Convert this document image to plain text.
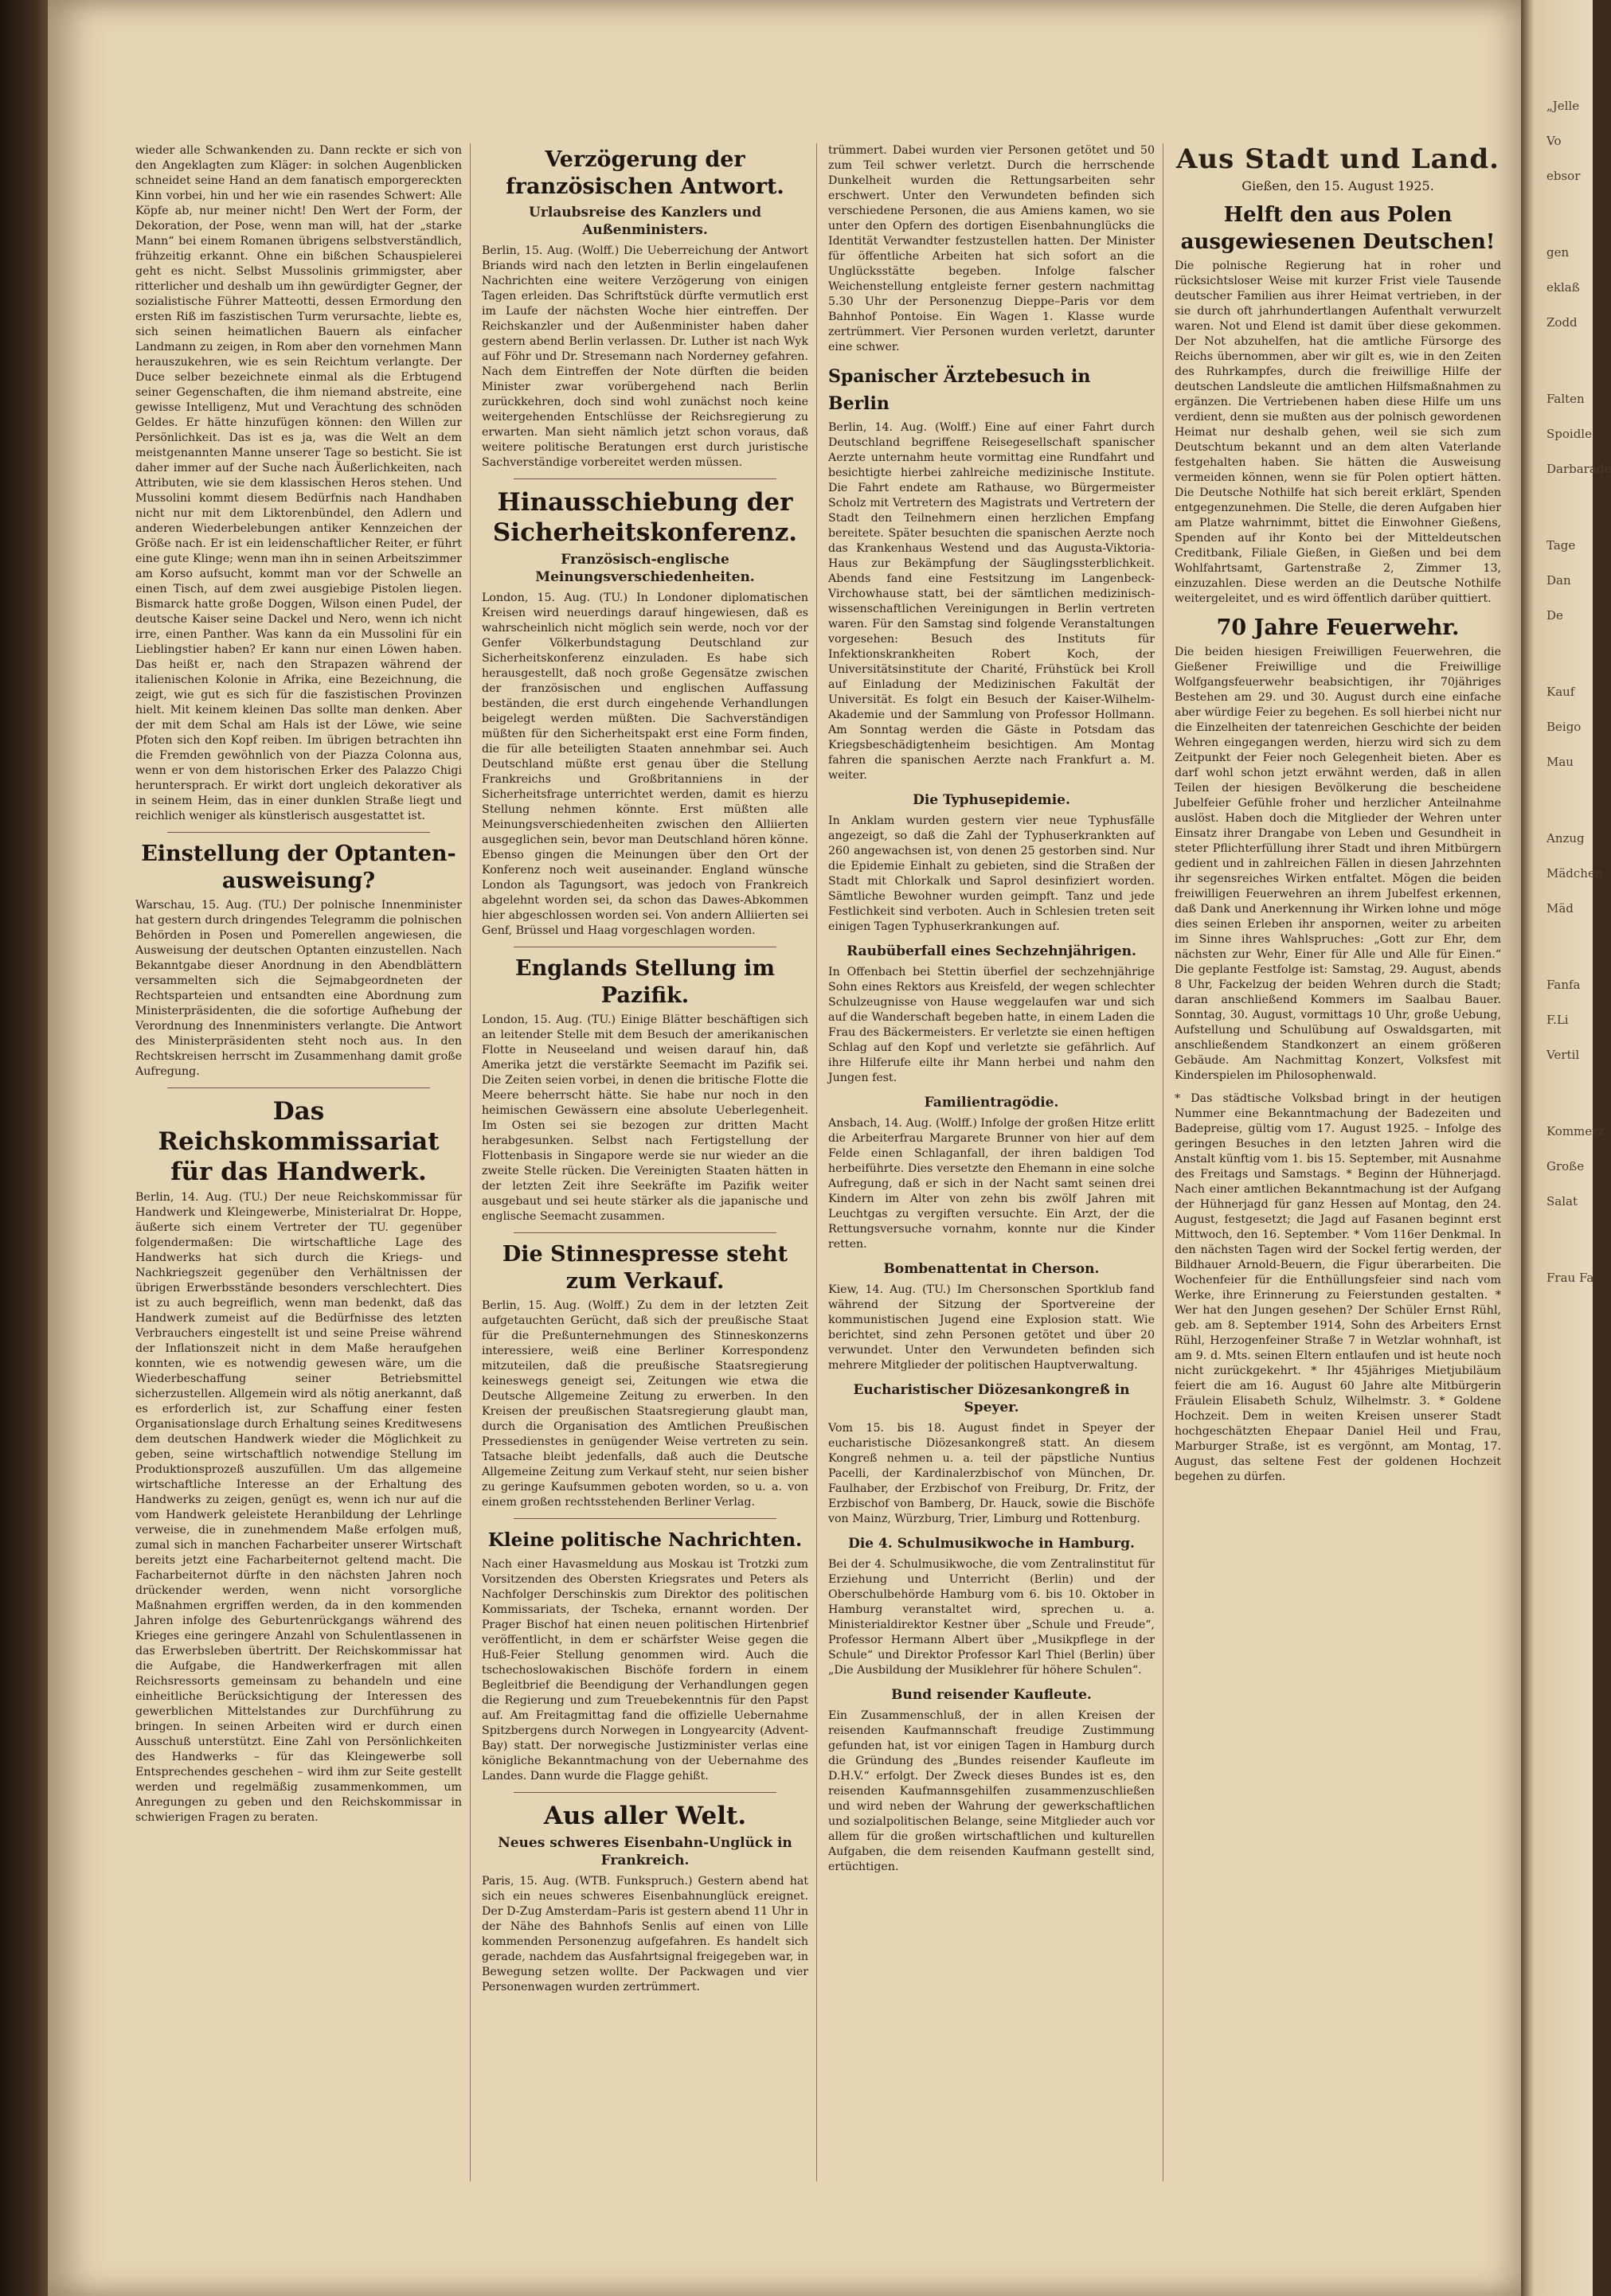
wieder alle Schwankenden zu. Dann reckte er sich von den Angeklagten zum Kläger: in solchen Augenblicken schneidet seine Hand an dem fanatisch emporgereckten Kinn vorbei, hin und her wie ein rasendes Schwert: Alle Köpfe ab, nur meiner nicht! Den Wert der Form, der Dekoration, der Pose, wenn man will, hat der „starke Mann“ bei einem Romanen übrigens selbstverständlich, frühzeitig erkannt. Ohne ein bißchen Schauspielerei geht es nicht. Selbst Mussolinis grimmigster, aber ritterlicher und deshalb um ihn gewürdigter Gegner, der sozialistische Führer Matteotti, dessen Ermordung den ersten Riß im faszistischen Turm verursachte, liebte es, sich seinen heimatlichen Bauern als einfacher Landmann zu zeigen, in Rom aber den vornehmen Mann herauszukehren, wie es sein Reichtum verlangte. Der Duce selber bezeichnete einmal als die Erbtugend seiner Gegenschaften, die ihm niemand abstreite, eine gewisse Intelligenz, Mut und Verachtung des schnöden Geldes. Er hätte hinzufügen können: den Willen zur Persönlichkeit. Das ist es ja, was die Welt an dem meistgenannten Manne unserer Tage so besticht. Sie ist daher immer auf der Suche nach Äußerlichkeiten, nach Attributen, wie sie dem klassischen Heros stehen. Und Mussolini kommt diesem Bedürfnis nach Handhaben nicht nur mit dem Liktorenbündel, den Adlern und anderen Wiederbelebungen antiker Kennzeichen der Größe nach. Er ist ein leidenschaftlicher Reiter, er führt eine gute Klinge; wenn man ihn in seinen Arbeitszimmer am Korso aufsucht, kommt man vor der Schwelle an einen Tisch, auf dem zwei ausgiebige Pistolen liegen. Bismarck hatte große Doggen, Wilson einen Pudel, der deutsche Kaiser seine Dackel und Nero, wenn ich nicht irre, einen Panther. Was kann da ein Mussolini für ein Lieblingstier haben? Er kann nur einen Löwen haben. Das heißt er, nach den Strapazen während der italienischen Kolonie in Afrika, eine Bezeichnung, die zeigt, wie gut es sich für die faszistischen Provinzen hielt. Mit keinem kleinen Das sollte man denken. Aber der mit dem Schal am Hals ist der Löwe, wie seine Pfoten sich den Kopf reiben. Im übrigen betrachten ihn die Fremden gewöhnlich von der Piazza Colonna aus, wenn er von dem historischen Erker des Palazzo Chigi heruntersprach. Er wirkt dort ungleich dekorativer als in seinem Heim, das in einer dunklen Straße liegt und reichlich weniger als künstlerisch ausgestattet ist.

Einstellung der Optanten-ausweisung?

Warschau, 15. Aug. (TU.) Der polnische Innenminister hat gestern durch dringendes Telegramm die polnischen Behörden in Posen und Pomerellen angewiesen, die Ausweisung der deutschen Optanten einzustellen. Nach Bekanntgabe dieser Anordnung in den Abendblättern versammelten sich die Sejmabgeordneten der Rechtsparteien und entsandten eine Abordnung zum Ministerpräsidenten, die die sofortige Aufhebung der Verordnung des Innenministers verlangte. Die Antwort des Ministerpräsidenten steht noch aus. In den Rechtskreisen herrscht im Zusammenhang damit große Aufregung.

Das Reichskommissariat für das Handwerk.

Berlin, 14. Aug. (TU.) Der neue Reichskommissar für Handwerk und Kleingewerbe, Ministerialrat Dr. Hoppe, äußerte sich einem Vertreter der TU. gegenüber folgendermaßen: Die wirtschaftliche Lage des Handwerks hat sich durch die Kriegs- und Nachkriegszeit gegenüber den Verhältnissen der übrigen Erwerbsstände besonders verschlechtert. Dies ist zu auch begreiflich, wenn man bedenkt, daß das Handwerk zumeist auf die Bedürfnisse des letzten Verbrauchers eingestellt ist und seine Preise während der Inflationszeit nicht in dem Maße heraufgehen konnten, wie es notwendig gewesen wäre, um die Wiederbeschaffung seiner Betriebsmittel sicherzustellen. Allgemein wird als nötig anerkannt, daß es erforderlich ist, zur Schaffung einer festen Organisationslage durch Erhaltung seines Kreditwesens dem deutschen Handwerk wieder die Möglichkeit zu geben, seine wirtschaftlich notwendige Stellung im Produktionsprozeß auszufüllen. Um das allgemeine wirtschaftliche Interesse an der Erhaltung des Handwerks zu zeigen, genügt es, wenn ich nur auf die vom Handwerk geleistete Heranbildung der Lehrlinge verweise, die in zunehmendem Maße erfolgen muß, zumal sich in manchen Facharbeiter unserer Wirtschaft bereits jetzt eine Facharbeiternot geltend macht. Die Facharbeiternot dürfte in den nächsten Jahren noch drückender werden, wenn nicht vorsorgliche Maßnahmen ergriffen werden, da in den kommenden Jahren infolge des Geburtenrückgangs während des Krieges eine geringere Anzahl von Schulentlassenen in das Erwerbsleben übertritt. Der Reichskommissar hat die Aufgabe, die Handwerkerfragen mit allen Reichsressorts gemeinsam zu behandeln und eine einheitliche Berücksichtigung der Interessen des gewerblichen Mittelstandes zur Durchführung zu bringen. In seinen Arbeiten wird er durch einen Ausschuß unterstützt. Eine Zahl von Persönlichkeiten des Handwerks – für das Kleingewerbe soll Entsprechendes geschehen – wird ihm zur Seite gestellt werden und regelmäßig zusammenkommen, um Anregungen zu geben und den Reichskommissar in schwierigen Fragen zu beraten.

Verzögerung der französischen Antwort.
Urlaubsreise des Kanzlers und Außenministers.

Berlin, 15. Aug. (Wolff.) Die Ueberreichung der Antwort Briands wird nach den letzten in Berlin eingelaufenen Nachrichten eine weitere Verzögerung von einigen Tagen erleiden. Das Schriftstück dürfte vermutlich erst im Laufe der nächsten Woche hier eintreffen. Der Reichskanzler und der Außenminister haben daher gestern abend Berlin verlassen. Dr. Luther ist nach Wyk auf Föhr und Dr. Stresemann nach Norderney gefahren. Nach dem Eintreffen der Note dürften die beiden Minister zwar vorübergehend nach Berlin zurückkehren, doch sind wohl zunächst noch keine weitergehenden Entschlüsse der Reichsregierung zu erwarten. Man sieht nämlich jetzt schon voraus, daß weitere politische Beratungen erst durch juristische Sachverständige vorbereitet werden müssen.

Hinausschiebung der Sicherheitskonferenz.
Französisch-englische Meinungsverschiedenheiten.

London, 15. Aug. (TU.) In Londoner diplomatischen Kreisen wird neuerdings darauf hingewiesen, daß es wahrscheinlich nicht möglich sein werde, noch vor der Genfer Völkerbundstagung Deutschland zur Sicherheitskonferenz einzuladen. Es habe sich herausgestellt, daß noch große Gegensätze zwischen der französischen und englischen Auffassung beständen, die erst durch eingehende Verhandlungen beigelegt werden müßten. Die Sachverständigen müßten für den Sicherheitspakt erst eine Form finden, die für alle beteiligten Staaten annehmbar sei. Auch Deutschland müßte erst genau über die Stellung Frankreichs und Großbritanniens in der Sicherheitsfrage unterrichtet werden, damit es hierzu Stellung nehmen könnte. Erst müßten alle Meinungsverschiedenheiten zwischen den Alliierten ausgeglichen sein, bevor man Deutschland hören könne. Ebenso gingen die Meinungen über den Ort der Konferenz noch weit auseinander. England wünsche London als Tagungsort, was jedoch von Frankreich abgelehnt worden sei, da schon das Dawes-Abkommen hier abgeschlossen worden sei. Von andern Alliierten sei Genf, Brüssel und Haag vorgeschlagen worden.

Englands Stellung im Pazifik.

London, 15. Aug. (TU.) Einige Blätter beschäftigen sich an leitender Stelle mit dem Besuch der amerikanischen Flotte in Neuseeland und weisen darauf hin, daß Amerika jetzt die verstärkte Seemacht im Pazifik sei. Die Zeiten seien vorbei, in denen die britische Flotte die Meere beherrscht hätte. Sie habe nur noch in den heimischen Gewässern eine absolute Ueberlegenheit. Im Osten sei sie bezogen zur dritten Macht herabgesunken. Selbst nach Fertigstellung der Flottenbasis in Singapore werde sie nur wieder an die zweite Stelle rücken. Die Vereinigten Staaten hätten in der letzten Zeit ihre Seekräfte im Pazifik weiter ausgebaut und sei heute stärker als die japanische und englische Seemacht zusammen.

Die Stinnespresse steht zum Verkauf.

Berlin, 15. Aug. (Wolff.) Zu dem in der letzten Zeit aufgetauchten Gerücht, daß sich der preußische Staat für die Preßunternehmungen des Stinneskonzerns interessiere, weiß eine Berliner Korrespondenz mitzuteilen, daß die preußische Staatsregierung keineswegs geneigt sei, Zeitungen wie etwa die Deutsche Allgemeine Zeitung zu erwerben. In den Kreisen der preußischen Staatsregierung glaubt man, durch die Organisation des Amtlichen Preußischen Pressedienstes in genügender Weise vertreten zu sein. Tatsache bleibt jedenfalls, daß auch die Deutsche Allgemeine Zeitung zum Verkauf steht, nur seien bisher zu geringe Kaufsummen geboten worden, so u. a. von einem großen rechtsstehenden Berliner Verlag.

Kleine politische Nachrichten.

Nach einer Havasmeldung aus Moskau ist Trotzki zum Vorsitzenden des Obersten Kriegsrates und Peters als Nachfolger Derschinskis zum Direktor des politischen Kommissariats, der Tscheka, ernannt worden. Der Prager Bischof hat einen neuen politischen Hirtenbrief veröffentlicht, in dem er schärfster Weise gegen die Huß-Feier Stellung genommen wird. Auch die tschechoslowakischen Bischöfe fordern in einem Begleitbrief die Beendigung der Verhandlungen gegen die Regierung und zum Treuebekenntnis für den Papst auf. Am Freitagmittag fand die offizielle Uebernahme Spitzbergens durch Norwegen in Longyearcity (Advent-Bay) statt. Der norwegische Justizminister verlas eine königliche Bekanntmachung von der Uebernahme des Landes. Dann wurde die Flagge gehißt.

Aus aller Welt.
Neues schweres Eisenbahn-Unglück in Frankreich.

Paris, 15. Aug. (WTB. Funkspruch.) Gestern abend hat sich ein neues schweres Eisenbahnunglück ereignet. Der D-Zug Amsterdam–Paris ist gestern abend 11 Uhr in der Nähe des Bahnhofs Senlis auf einen von Lille kommenden Personenzug aufgefahren. Es handelt sich gerade, nachdem das Ausfahrtsignal freigegeben war, in Bewegung setzen wollte. Der Packwagen und vier Personenwagen wurden zertrümmert.

trümmert. Dabei wurden vier Personen getötet und 50 zum Teil schwer verletzt. Durch die herrschende Dunkelheit wurden die Rettungsarbeiten sehr erschwert. Unter den Verwundeten befinden sich verschiedene Personen, die aus Amiens kamen, wo sie unter den Opfern des dortigen Eisenbahnunglücks die Identität Verwandter festzustellen hatten. Der Minister für öffentliche Arbeiten hat sich sofort an die Unglücksstätte begeben. Infolge falscher Weichenstellung entgleiste ferner gestern nachmittag 5.30 Uhr der Personenzug Dieppe–Paris vor dem Bahnhof Pontoise. Ein Wagen 1. Klasse wurde zertrümmert. Vier Personen wurden verletzt, darunter eine schwer.

Spanischer Ärztebesuch in Berlin

Berlin, 14. Aug. (Wolff.) Eine auf einer Fahrt durch Deutschland begriffene Reisegesellschaft spanischer Aerzte unternahm heute vormittag eine Rundfahrt und besichtigte hierbei zahlreiche medizinische Institute. Die Fahrt endete am Rathause, wo Bürgermeister Scholz mit Vertretern des Magistrats und Vertretern der Stadt den Teilnehmern einen herzlichen Empfang bereitete. Später besuchten die spanischen Aerzte noch das Krankenhaus Westend und das Augusta-Viktoria-Haus zur Bekämpfung der Säuglingssterblichkeit. Abends fand eine Festsitzung im Langenbeck-Virchowhause statt, bei der sämtlichen medizinisch-wissenschaftlichen Vereinigungen in Berlin vertreten waren. Für den Samstag sind folgende Veranstaltungen vorgesehen: Besuch des Instituts für Infektionskrankheiten Robert Koch, der Universitätsinstitute der Charité, Frühstück bei Kroll auf Einladung der Medizinischen Fakultät der Universität. Es folgt ein Besuch der Kaiser-Wilhelm-Akademie und der Sammlung von Professor Hollmann. Am Sonntag werden die Gäste in Potsdam das Kriegsbeschädigtenheim besichtigen. Am Montag fahren die spanischen Aerzte nach Frankfurt a. M. weiter.

Die Typhusepidemie.

In Anklam wurden gestern vier neue Typhusfälle angezeigt, so daß die Zahl der Typhuserkrankten auf 260 angewachsen ist, von denen 25 gestorben sind. Nur die Epidemie Einhalt zu gebieten, sind die Straßen der Stadt mit Chlorkalk und Saprol desinfiziert worden. Sämtliche Bewohner wurden geimpft. Tanz und jede Festlichkeit sind verboten. Auch in Schlesien treten seit einigen Tagen Typhuserkrankungen auf.

Raubüberfall eines Sechzehnjährigen.

In Offenbach bei Stettin überfiel der sechzehnjährige Sohn eines Rektors aus Kreisfeld, der wegen schlechter Schulzeugnisse von Hause weggelaufen war und sich auf die Wanderschaft begeben hatte, in einem Laden die Frau des Bäckermeisters. Er verletzte sie einen heftigen Schlag auf den Kopf und verletzte sie gefährlich. Auf ihre Hilferufe eilte ihr Mann herbei und nahm den Jungen fest.

Familientragödie.

Ansbach, 14. Aug. (Wolff.) Infolge der großen Hitze erlitt die Arbeiterfrau Margarete Brunner von hier auf dem Felde einen Schlaganfall, der ihren baldigen Tod herbeiführte. Dies versetzte den Ehemann in eine solche Aufregung, daß er sich in der Nacht samt seinen drei Kindern im Alter von zehn bis zwölf Jahren mit Leuchtgas zu vergiften versuchte. Ein Arzt, der die Rettungsversuche vornahm, konnte nur die Kinder retten.

Bombenattentat in Cherson.

Kiew, 14. Aug. (TU.) Im Chersonschen Sportklub fand während der Sitzung der Sportvereine der kommunistischen Jugend eine Explosion statt. Wie berichtet, sind zehn Personen getötet und über 20 verwundet. Unter den Verwundeten befinden sich mehrere Mitglieder der politischen Hauptverwaltung.

Eucharistischer Diözesankongreß in Speyer.

Vom 15. bis 18. August findet in Speyer der eucharistische Diözesankongreß statt. An diesem Kongreß nehmen u. a. teil der päpstliche Nuntius Pacelli, der Kardinalerzbischof von München, Dr. Faulhaber, der Erzbischof von Freiburg, Dr. Fritz, der Erzbischof von Bamberg, Dr. Hauck, sowie die Bischöfe von Mainz, Würzburg, Trier, Limburg und Rottenburg.

Die 4. Schulmusikwoche in Hamburg.

Bei der 4. Schulmusikwoche, die vom Zentralinstitut für Erziehung und Unterricht (Berlin) und der Oberschulbehörde Hamburg vom 6. bis 10. Oktober in Hamburg veranstaltet wird, sprechen u. a. Ministerialdirektor Kestner über „Schule und Freude“, Professor Hermann Albert über „Musikpflege in der Schule“ und Direktor Professor Karl Thiel (Berlin) über „Die Ausbildung der Musiklehrer für höhere Schulen“.

Bund reisender Kaufleute.

Ein Zusammenschluß, der in allen Kreisen der reisenden Kaufmannschaft freudige Zustimmung gefunden hat, ist vor einigen Tagen in Hamburg durch die Gründung des „Bundes reisender Kaufleute im D.H.V.“ erfolgt. Der Zweck dieses Bundes ist es, den reisenden Kaufmannsgehilfen zusammenzuschließen und wird neben der Wahrung der gewerkschaftlichen und sozialpolitischen Belange, seine Mitglieder auch vor allem für die großen wirtschaftlichen und kulturellen Aufgaben, die dem reisenden Kaufmann gestellt sind, ertüchtigen.

Aus Stadt und Land.
Gießen, den 15. August 1925.
Helft den aus Polen ausgewiesenen Deutschen!

Die polnische Regierung hat in roher und rücksichtsloser Weise mit kurzer Frist viele Tausende deutscher Familien aus ihrer Heimat vertrieben, in der sie durch oft jahrhundertlangen Aufenthalt verwurzelt waren. Not und Elend ist damit über diese gekommen. Der Not abzuhelfen, hat die amtliche Fürsorge des Reichs übernommen, aber wir gilt es, wie in den Zeiten des Ruhrkampfes, durch die freiwillige Hilfe der deutschen Landsleute die amtlichen Hilfsmaßnahmen zu ergänzen. Die Vertriebenen haben diese Hilfe um uns verdient, denn sie mußten aus der polnisch gewordenen Heimat nur deshalb gehen, weil sie sich zum Deutschtum bekannt und an dem alten Vaterlande festgehalten haben. Sie hätten die Ausweisung vermeiden können, wenn sie für Polen optiert hätten. Die Deutsche Nothilfe hat sich bereit erklärt, Spenden entgegenzunehmen. Die Stelle, die deren Aufgaben hier am Platze wahrnimmt, bittet die Einwohner Gießens, Spenden auf ihr Konto bei der Mitteldeutschen Creditbank, Filiale Gießen, in Gießen und bei dem Wohlfahrtsamt, Gartenstraße 2, Zimmer 13, einzuzahlen. Diese werden an die Deutsche Nothilfe weitergeleitet, und es wird öffentlich darüber quittiert.

70 Jahre Feuerwehr.

Die beiden hiesigen Freiwilligen Feuerwehren, die Gießener Freiwillige und die Freiwillige Wolfgangsfeuerwehr beabsichtigen, ihr 70jähriges Bestehen am 29. und 30. August durch eine einfache aber würdige Feier zu begehen. Es soll hierbei nicht nur die Einzelheiten der tatenreichen Geschichte der beiden Wehren eingegangen werden, hierzu wird sich zu dem Zeitpunkt der Feier noch Gelegenheit bieten. Aber es darf wohl schon jetzt erwähnt werden, daß in allen Teilen der hiesigen Bevölkerung die bescheidene Jubelfeier Gefühle froher und herzlicher Anteilnahme auslöst. Haben doch die Mitglieder der Wehren unter Einsatz ihrer Drangabe von Leben und Gesundheit in steter Pflichterfüllung ihrer Stadt und ihren Mitbürgern gedient und in zahlreichen Fällen in diesen Jahrzehnten ihr segensreiches Wirken entfaltet. Mögen die beiden freiwilligen Feuerwehren an ihrem Jubelfest erkennen, daß Dank und Anerkennung ihr Wirken lohne und möge dies seinen Erleben ihr anspornen, weiter zu arbeiten im Sinne ihres Wahlspruches: „Gott zur Ehr, dem nächsten zur Wehr, Einer für Alle und Alle für Einen.“ Die geplante Festfolge ist: Samstag, 29. August, abends 8 Uhr, Fackelzug der beiden Wehren durch die Stadt; daran anschließend Kommers im Saalbau Bauer. Sonntag, 30. August, vormittags 10 Uhr, große Uebung, Aufstellung und Schulübung auf Oswaldsgarten, mit anschließendem Standkonzert an einem größeren Gebäude. Am Nachmittag Konzert, Volksfest mit Kinderspielen im Philosophenwald.

* Das städtische Volksbad bringt in der heutigen Nummer eine Bekanntmachung der Badezeiten und Badepreise, gültig vom 17. August 1925. – Infolge des geringen Besuches in den letzten Jahren wird die Anstalt künftig vom 1. bis 15. September, mit Ausnahme des Freitags und Samstags. * Beginn der Hühnerjagd. Nach einer amtlichen Bekanntmachung ist der Aufgang der Hühnerjagd für ganz Hessen auf Montag, den 24. August, festgesetzt; die Jagd auf Fasanen beginnt erst Mittwoch, den 16. September. * Vom 116er Denkmal. In den nächsten Tagen wird der Sockel fertig werden, der Bildhauer Arnold-Beuern, die Figur überarbeiten. Die Wochenfeier für die Enthüllungsfeier sind nach vom Werke, ihre Erinnerung zu Feierstunden gestalten. * Wer hat den Jungen gesehen? Der Schüler Ernst Rühl, geb. am 8. September 1914, Sohn des Arbeiters Ernst Rühl, Herzogenfeiner Straße 7 in Wetzlar wohnhaft, ist am 9. d. Mts. seinen Eltern entlaufen und ist heute noch nicht zurückgekehrt. * Ihr 45jähriges Mietjubiläum feiert die am 16. August 60 Jahre alte Mitbürgerin Fräulein Elisabeth Schulz, Wilhelmstr. 3. * Goldene Hochzeit. Dem in weiten Kreisen unserer Stadt hochgeschätzten Ehepaar Daniel Heil und Frau, Marburger Straße, ist es vergönnt, am Montag, 17. August, das seltene Fest der goldenen Hochzeit begehen zu dürfen.

„Jelle
Vo
ebsor
gen
eklaß
Zodd
Falten
Spoidle
Darbarade
Tage
Dan
De
Kauf
Beigo
Mau
Anzug
Mädchen
Mäd
Fanfa
F.Li
Vertil
Kommerz
Große
Salat
Frau Fa
